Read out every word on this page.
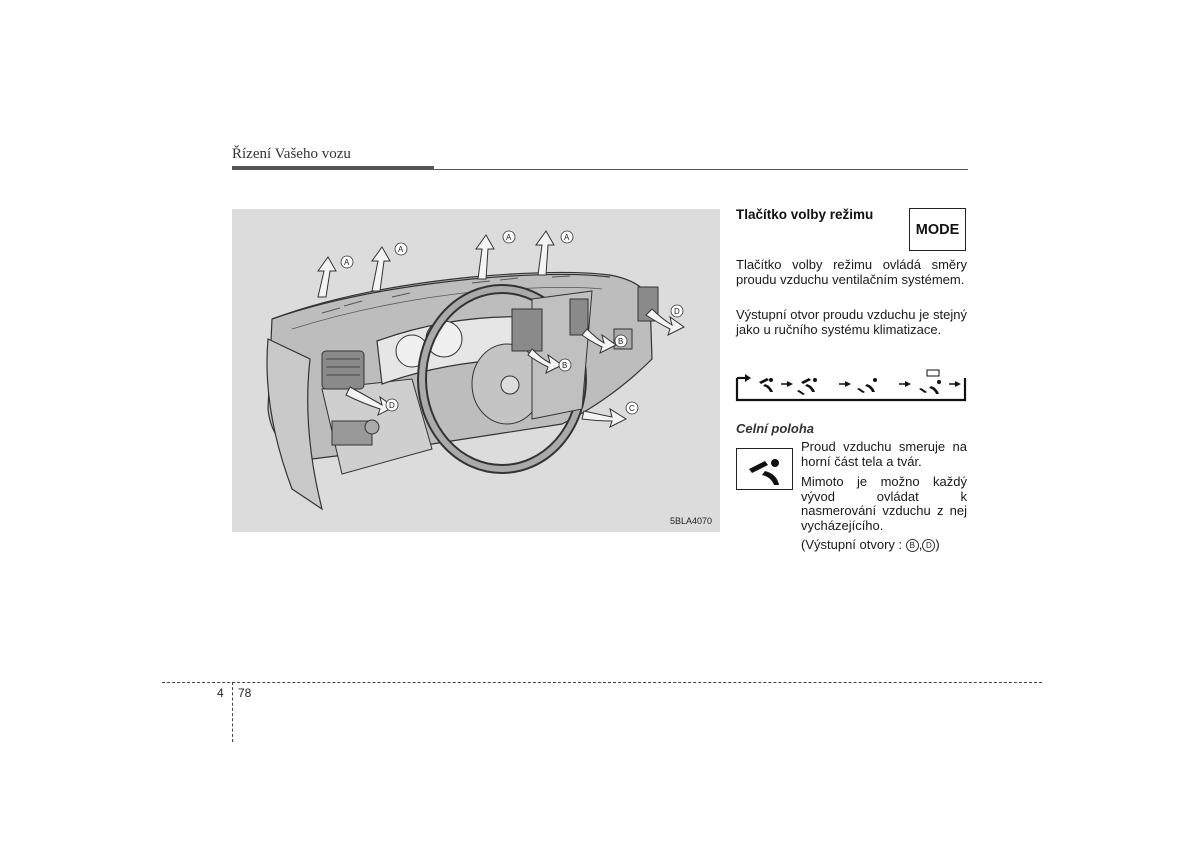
Řízení Vašeho vozu
A
A
A	A
B
B
C
D
D
5BLA4070
Tlačítko volby režimu
MODE
Tlačítko volby režimu ovládá směry proudu vzduchu ventilačním systémem.
Výstupní otvor proudu vzduchu je stejný jako u ručního systému klimatizace.
Celní poloha
Proud vzduchu smeruje na horní část tela a tvár.
Mimoto je možno každý vývod ovládat k nasmerování vzduchu z nej vycházejícího.
(Výstupní otvory : B , D )
4 78
